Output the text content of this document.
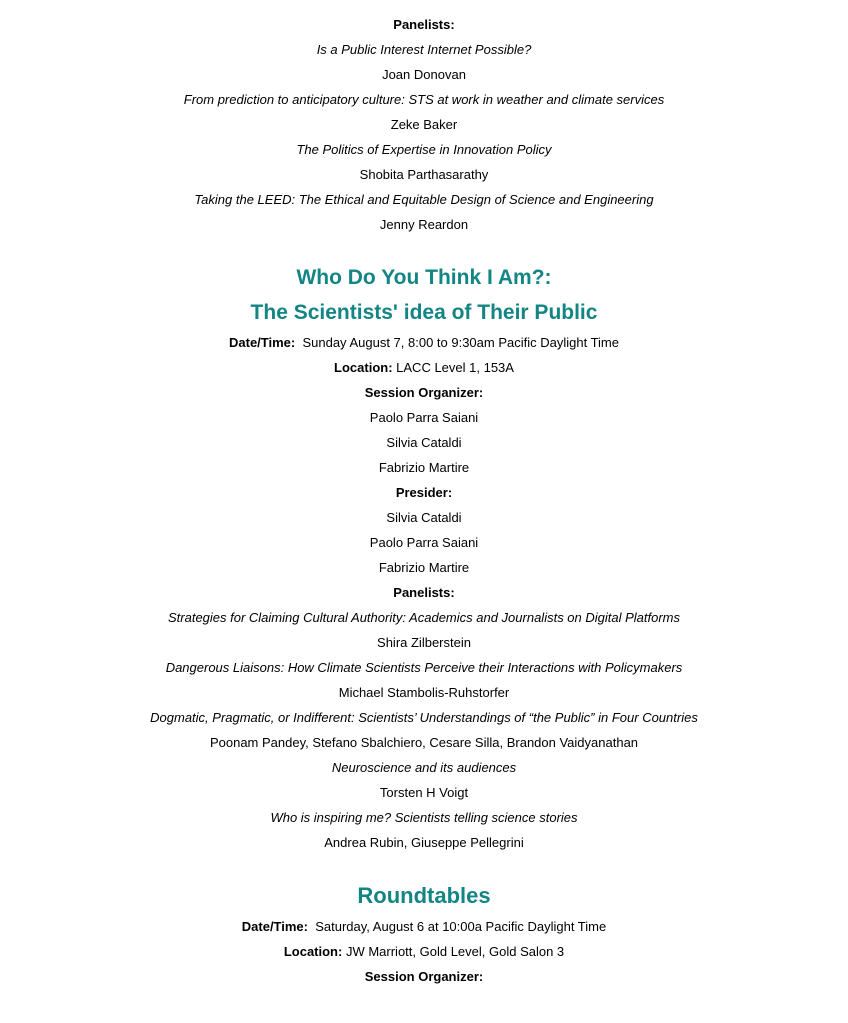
Panelists:
Is a Public Interest Internet Possible?
Joan Donovan
From prediction to anticipatory culture: STS at work in weather and climate services
Zeke Baker
The Politics of Expertise in Innovation Policy
Shobita Parthasarathy
Taking the LEED: The Ethical and Equitable Design of Science and Engineering
Jenny Reardon
Who Do You Think I Am?:
The Scientists' idea of Their Public
Date/Time: Sunday August 7, 8:00 to 9:30am Pacific Daylight Time
Location: LACC Level 1, 153A
Session Organizer:
Paolo Parra Saiani
Silvia Cataldi
Fabrizio Martire
Presider:
Silvia Cataldi
Paolo Parra Saiani
Fabrizio Martire
Panelists:
Strategies for Claiming Cultural Authority: Academics and Journalists on Digital Platforms
Shira Zilberstein
Dangerous Liaisons: How Climate Scientists Perceive their Interactions with Policymakers
Michael Stambolis-Ruhstorfer
Dogmatic, Pragmatic, or Indifferent: Scientists’ Understandings of “the Public” in Four Countries
Poonam Pandey, Stefano Sbalchiero, Cesare Silla, Brandon Vaidyanathan
Neuroscience and its audiences
Torsten H Voigt
Who is inspiring me? Scientists telling science stories
Andrea Rubin, Giuseppe Pellegrini
Roundtables
Date/Time: Saturday, August 6 at 10:00a Pacific Daylight Time
Location: JW Marriott, Gold Level, Gold Salon 3
Session Organizer:
